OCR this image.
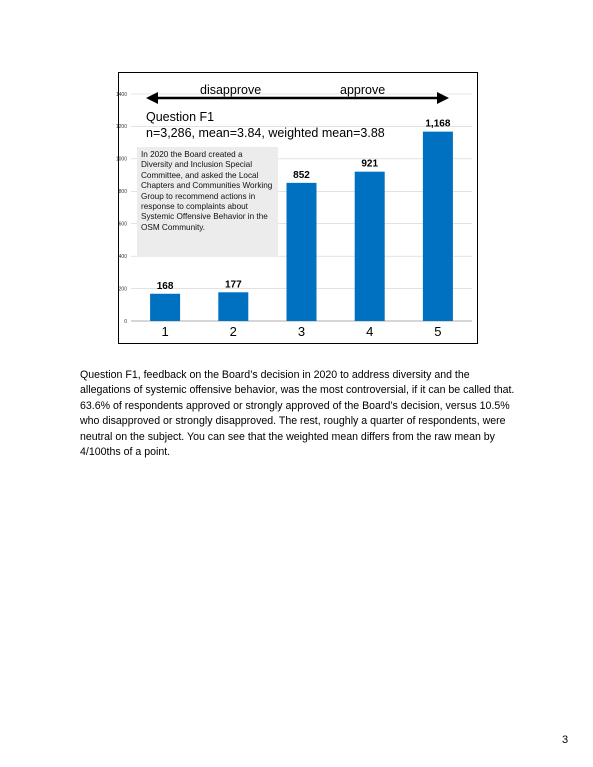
0
200
400
600
800
1000
1200
1400
168	177
852
921
1,168
1	2	3	4	5
disapprove	approve
Question F1
n=3,286, mean=3.84, weighted mean=3.88
In 2020 the Board created a Diversity and Inclusion Special Committee, and asked the Local Chapters and Communities Working Group to recommend actions in response to complaints about Systemic Offensive Behavior in the OSM Community.

Question F1, feedback on the Board’s decision in 2020 to address diversity and the allegations of systemic offensive behavior, was the most controversial, if it can be called that. 63.6% of respondents approved or strongly approved of the Board’s decision, versus 10.5% who disapproved or strongly disapproved. The rest, roughly a quarter of respondents, were neutral on the subject. You can see that the weighted mean differs from the raw mean by 4/100ths of a point.

3
